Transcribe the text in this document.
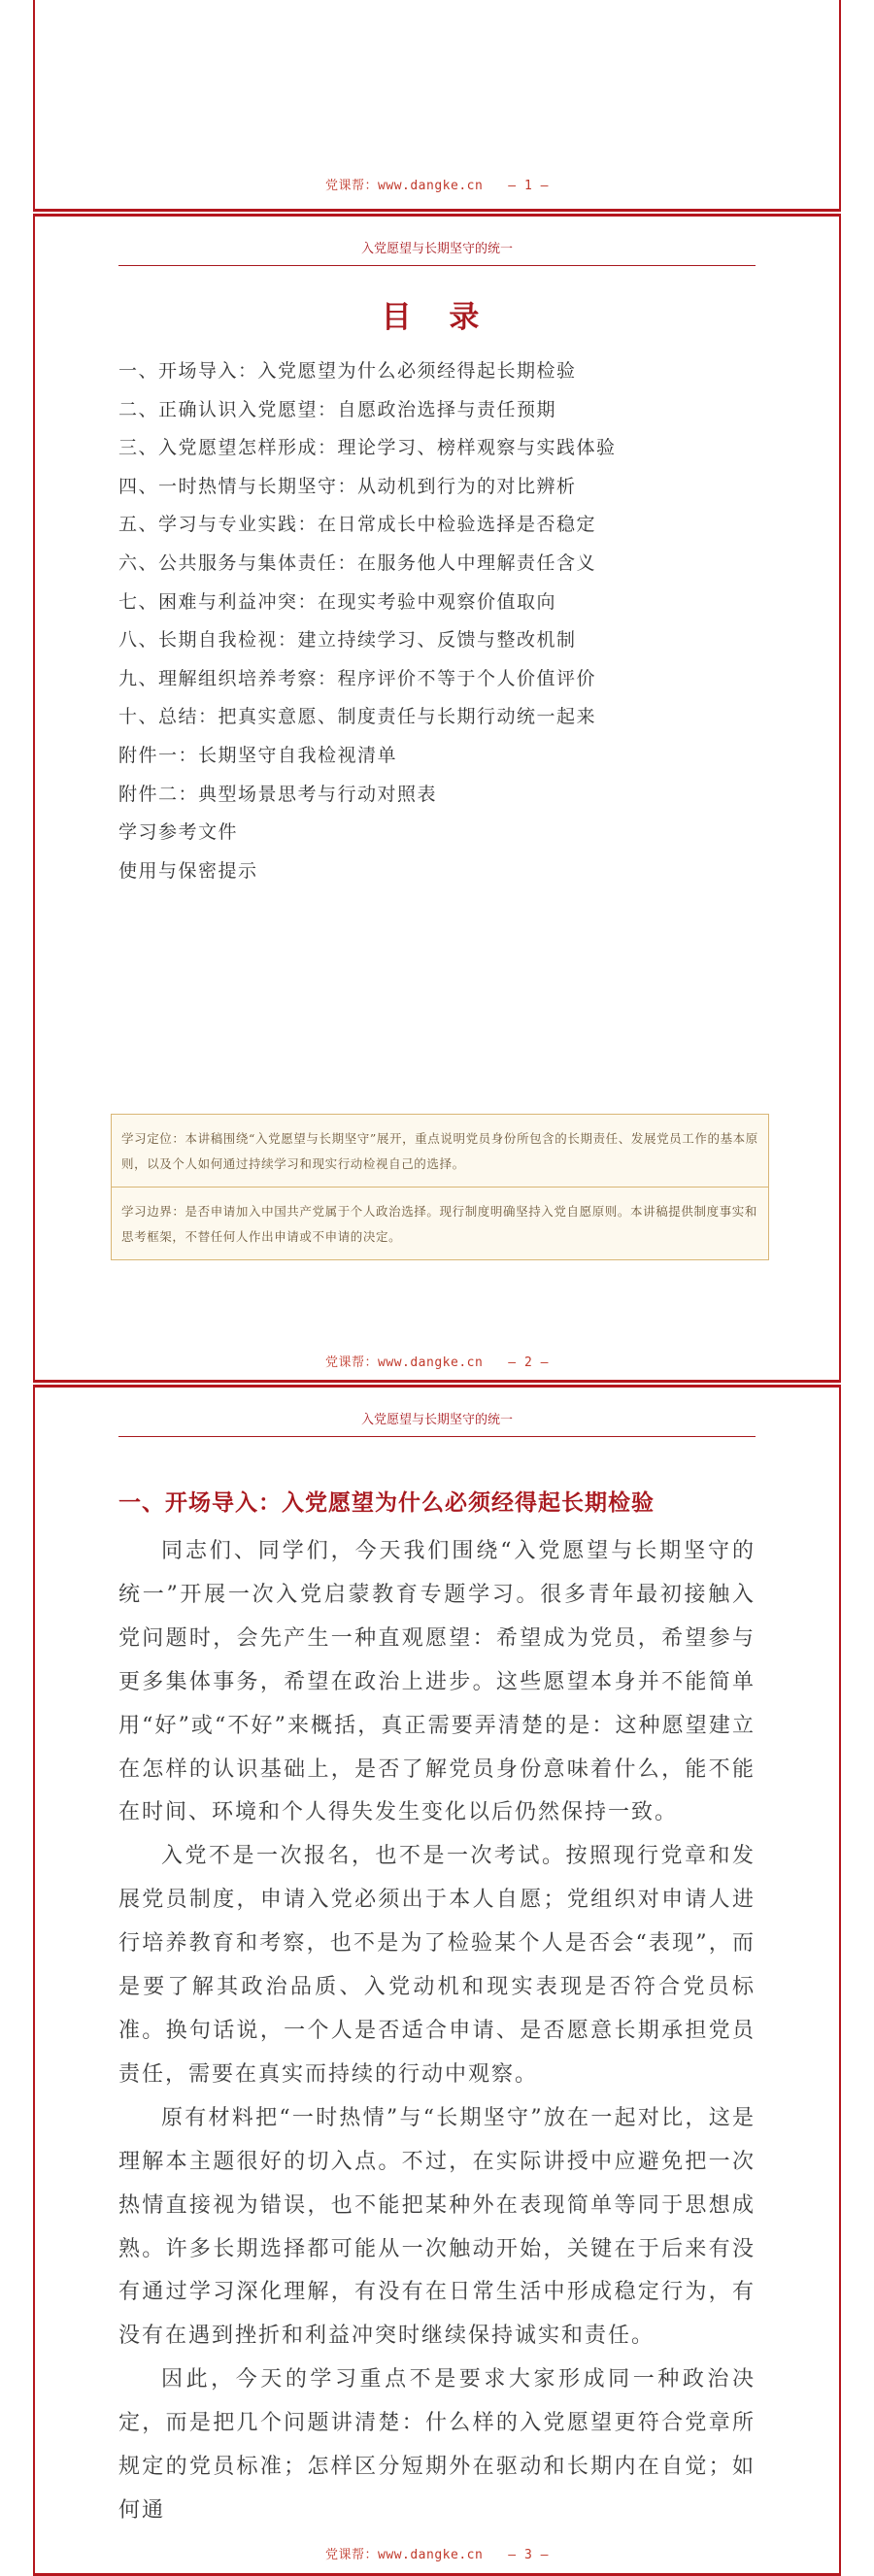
党课帮：www.dangke.cn — 1 —
入党愿望与长期坚守的统一
目 录
一、开场导入：入党愿望为什么必须经得起长期检验
二、正确认识入党愿望：自愿政治选择与责任预期
三、入党愿望怎样形成：理论学习、榜样观察与实践体验
四、一时热情与长期坚守：从动机到行为的对比辨析
五、学习与专业实践：在日常成长中检验选择是否稳定
六、公共服务与集体责任：在服务他人中理解责任含义
七、困难与利益冲突：在现实考验中观察价值取向
八、长期自我检视：建立持续学习、反馈与整改机制
九、理解组织培养考察：程序评价不等于个人价值评价
十、总结：把真实意愿、制度责任与长期行动统一起来
附件一：长期坚守自我检视清单
附件二：典型场景思考与行动对照表
学习参考文件
使用与保密提示
学习定位：本讲稿围绕“入党愿望与长期坚守”展开，重点说明党员身份所包含的长期责任、发展党员工作的基本原则，以及个人如何通过持续学习和现实行动检视自己的选择。
学习边界：是否申请加入中国共产党属于个人政治选择。现行制度明确坚持入党自愿原则。本讲稿提供制度事实和思考框架，不替任何人作出申请或不申请的决定。
党课帮：www.dangke.cn — 2 —
入党愿望与长期坚守的统一
一、开场导入：入党愿望为什么必须经得起长期检验

同志们、同学们，今天我们围绕“入党愿望与长期坚守的统一”开展一次入党启蒙教育专题学习。很多青年最初接触入党问题时，会先产生一种直观愿望：希望成为党员，希望参与更多集体事务，希望在政治上进步。这些愿望本身并不能简单用“好”或“不好”来概括，真正需要弄清楚的是：这种愿望建立在怎样的认识基础上，是否了解党员身份意味着什么，能不能在时间、环境和个人得失发生变化以后仍然保持一致。

入党不是一次报名，也不是一次考试。按照现行党章和发展党员制度，申请入党必须出于本人自愿；党组织对申请人进行培养教育和考察，也不是为了检验某个人是否会“表现”，而是要了解其政治品质、入党动机和现实表现是否符合党员标准。换句话说，一个人是否适合申请、是否愿意长期承担党员责任，需要在真实而持续的行动中观察。

原有材料把“一时热情”与“长期坚守”放在一起对比，这是理解本主题很好的切入点。不过，在实际讲授中应避免把一次热情直接视为错误，也不能把某种外在表现简单等同于思想成熟。许多长期选择都可能从一次触动开始，关键在于后来有没有通过学习深化理解，有没有在日常生活中形成稳定行为，有没有在遇到挫折和利益冲突时继续保持诚实和责任。

因此，今天的学习重点不是要求大家形成同一种政治决定，而是把几个问题讲清楚：什么样的入党愿望更符合党章所规定的党员标准；怎样区分短期外在驱动和长期内在自觉；如何通

党课帮：www.dangke.cn — 3 —
